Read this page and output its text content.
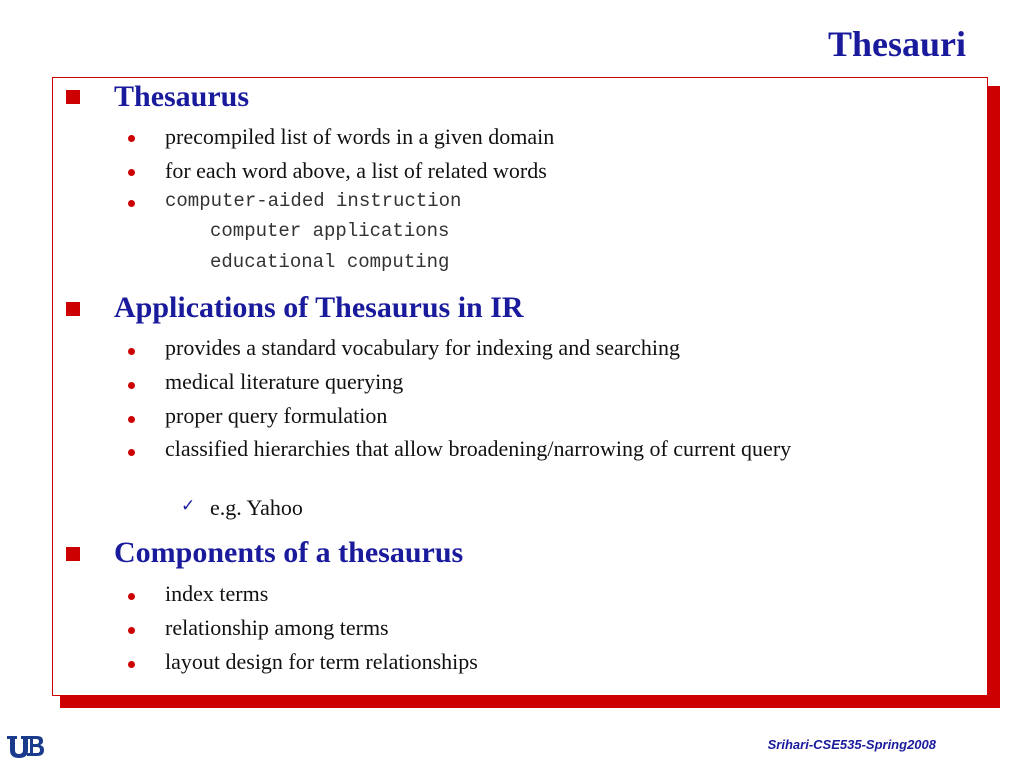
Thesauri
Thesaurus
precompiled list of words in a given domain
for each word above, a list of related words
computer-aided instruction
computer applications
educational computing
Applications of Thesaurus in IR
provides a standard vocabulary for indexing and searching
medical literature querying
proper query formulation
classified hierarchies that allow broadening/narrowing of current query
✓ e.g. Yahoo
Components of a thesaurus
index terms
relationship among terms
layout design for term relationships
Srihari-CSE535-Spring2008
